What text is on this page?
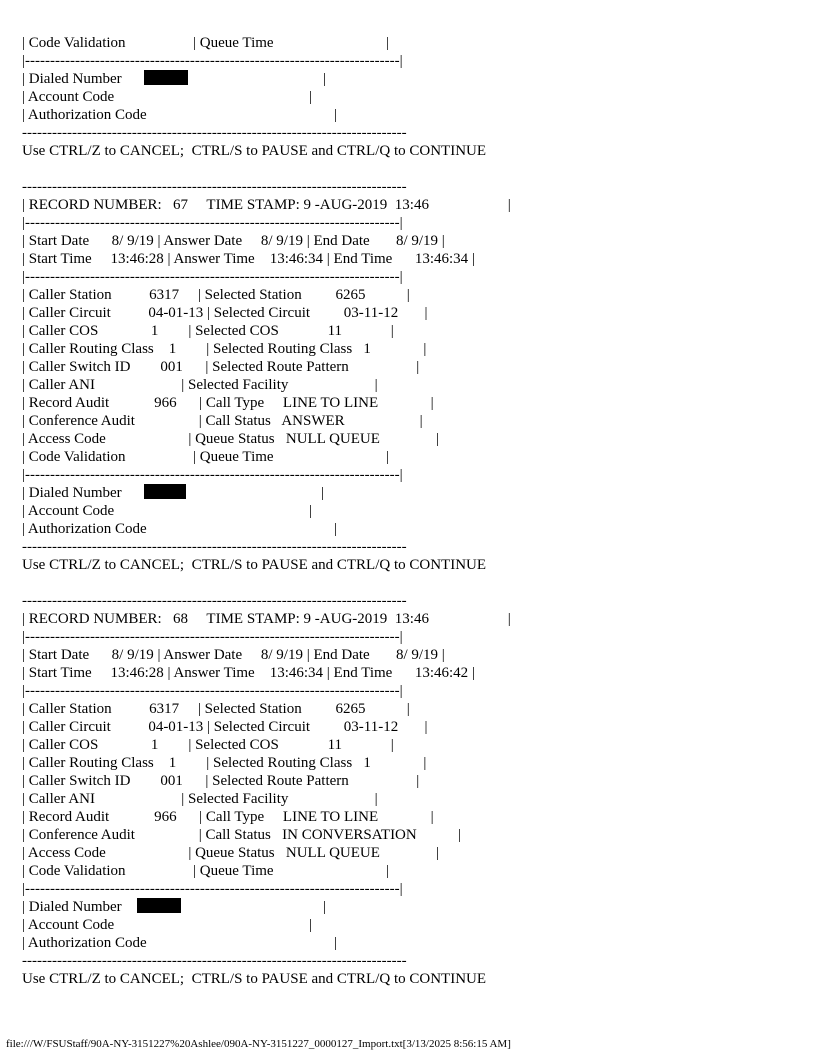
| Code Validation                  | Queue Time                              |
|---------------------------------------------------------------------------|
| Dialed Number	|
| Account Code                                                    |
| Authorization Code                                                  |
-----------------------------------------------------------------------------
Use CTRL/Z to CANCEL;  CTRL/S to PAUSE and CTRL/Q to CONTINUE
-----------------------------------------------------------------------------
| RECORD NUMBER:   67     TIME STAMP: 9 -AUG-2019  13:46                     |
|---------------------------------------------------------------------------|
| Start Date      8/ 9/19 | Answer Date     8/ 9/19 | End Date       8/ 9/19 |
| Start Time     13:46:28 | Answer Time    13:46:34 | End Time      13:46:34 |
|---------------------------------------------------------------------------|
| Caller Station          6317     | Selected Station         6265           |
| Caller Circuit          04-01-13 | Selected Circuit         03-11-12       |
| Caller COS              1        | Selected COS             11             |
| Caller Routing Class    1        | Selected Routing Class   1              |
| Caller Switch ID        001      | Selected Route Pattern                  |
| Caller ANI                       | Selected Facility                       |
| Record Audit            966      | Call Type     LINE TO LINE              |
| Conference Audit                 | Call Status   ANSWER                    |
| Access Code                      | Queue Status   NULL QUEUE               |
| Code Validation                  | Queue Time                              |
|---------------------------------------------------------------------------|
| Dialed Number	|
| Account Code                                                    |
| Authorization Code                                                  |
-----------------------------------------------------------------------------
Use CTRL/Z to CANCEL;  CTRL/S to PAUSE and CTRL/Q to CONTINUE
-----------------------------------------------------------------------------
| RECORD NUMBER:   68     TIME STAMP: 9 -AUG-2019  13:46                     |
|---------------------------------------------------------------------------|
| Start Date      8/ 9/19 | Answer Date     8/ 9/19 | End Date       8/ 9/19 |
| Start Time     13:46:28 | Answer Time    13:46:34 | End Time      13:46:42 |
|---------------------------------------------------------------------------|
| Caller Station          6317     | Selected Station         6265           |
| Caller Circuit          04-01-13 | Selected Circuit         03-11-12       |
| Caller COS              1        | Selected COS             11             |
| Caller Routing Class    1        | Selected Routing Class   1              |
| Caller Switch ID        001      | Selected Route Pattern                  |
| Caller ANI                       | Selected Facility                       |
| Record Audit            966      | Call Type     LINE TO LINE              |
| Conference Audit                 | Call Status   IN CONVERSATION           |
| Access Code                      | Queue Status   NULL QUEUE               |
| Code Validation                  | Queue Time                              |
|---------------------------------------------------------------------------|
| Dialed Number	|
| Account Code                                                    |
| Authorization Code                                                  |
-----------------------------------------------------------------------------
Use CTRL/Z to CANCEL;  CTRL/S to PAUSE and CTRL/Q to CONTINUE
file:///W/FSUStaff/90A-NY-3151227%20Ashlee/090A-NY-3151227_0000127_Import.txt[3/13/2025 8:56:15 AM]
